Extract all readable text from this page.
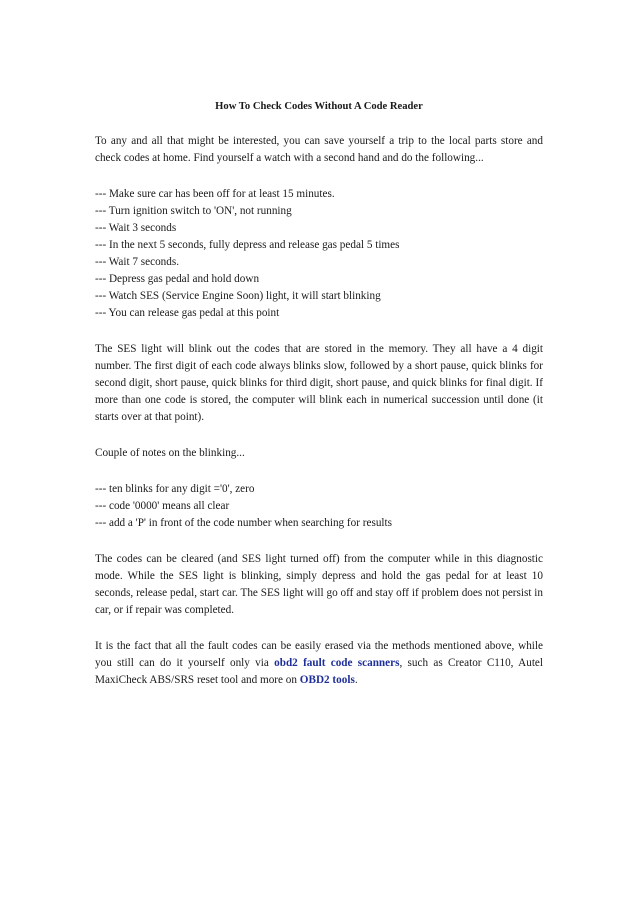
How To Check Codes Without A Code Reader

To any and all that might be interested, you can save yourself a trip to the local parts store and check codes at home. Find yourself a watch with a second hand and do the following...

--- Make sure car has been off for at least 15 minutes.
--- Turn ignition switch to 'ON', not running
--- Wait 3 seconds
--- In the next 5 seconds, fully depress and release gas pedal 5 times
--- Wait 7 seconds.
--- Depress gas pedal and hold down
--- Watch SES (Service Engine Soon) light, it will start blinking
--- You can release gas pedal at this point

The SES light will blink out the codes that are stored in the memory. They all have a 4 digit number. The first digit of each code always blinks slow, followed by a short pause, quick blinks for second digit, short pause, quick blinks for third digit, short pause, and quick blinks for final digit. If more than one code is stored, the computer will blink each in numerical succession until done (it starts over at that point).

Couple of notes on the blinking...

--- ten blinks for any digit ='0', zero
--- code '0000' means all clear
--- add a 'P' in front of the code number when searching for results

The codes can be cleared (and SES light turned off) from the computer while in this diagnostic mode. While the SES light is blinking, simply depress and hold the gas pedal for at least 10 seconds, release pedal, start car. The SES light will go off and stay off if problem does not persist in car, or if repair was completed.

It is the fact that all the fault codes can be easily erased via the methods mentioned above, while you still can do it yourself only via obd2 fault code scanners, such as Creator C110, Autel MaxiCheck ABS/SRS reset tool and more on OBD2 tools.
